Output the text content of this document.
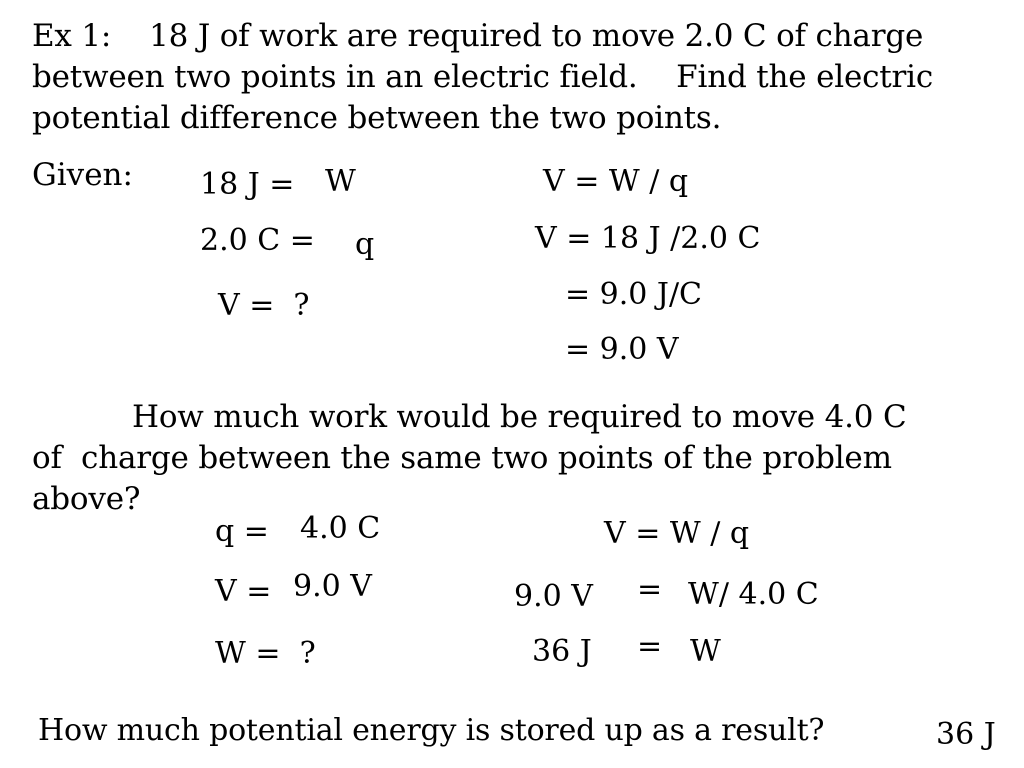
Ex 1: 18 J of work are required to move 2.0 C of charge
between two points in an electric field.    Find the electric
potential difference between the two points.
Given: 18 J = W
2.0 C = q
V =  ?
V = W / q
V = 18 J /2.0 C
= 9.0 J/C
= 9.0 V
How much work would be required to move 4.0 C
of  charge between the same two points of the problem
above?
q = 4.0 C
V = 9.0 V
W =  ?
V = W / q
9.0 V = W/ 4.0 C
36 J = W
How much potential energy is stored up as a result?	36 J
